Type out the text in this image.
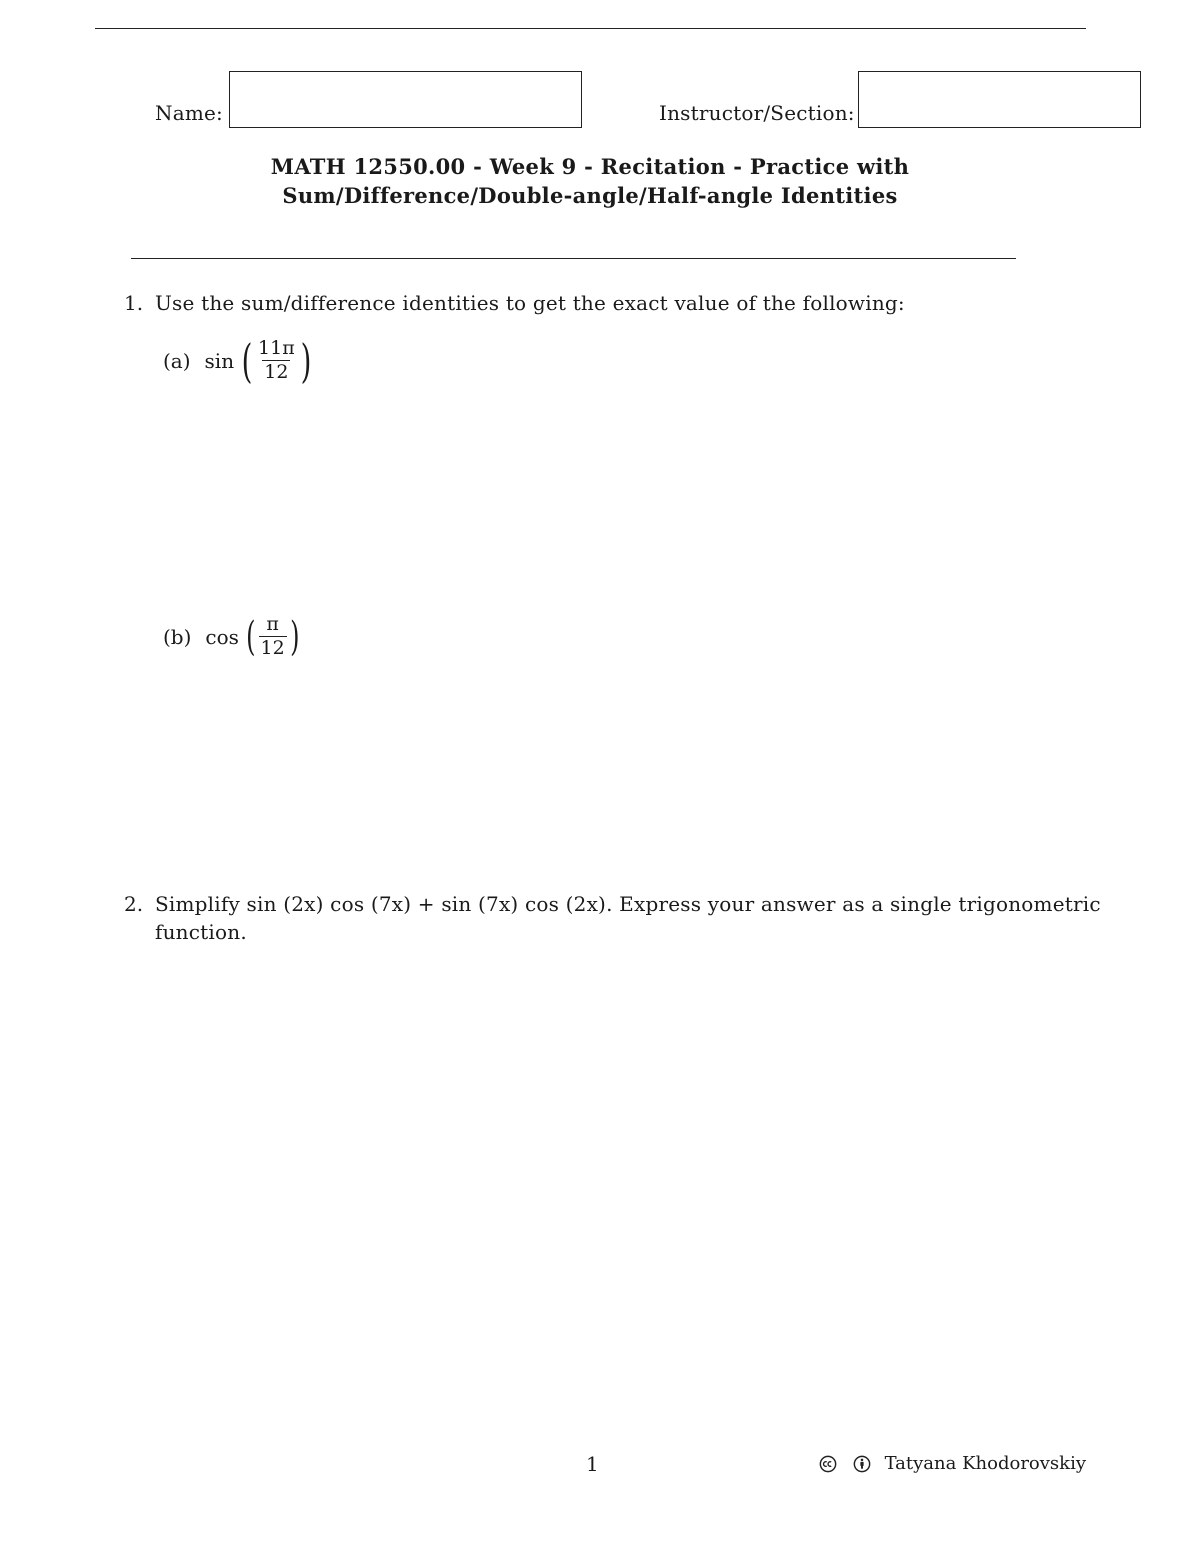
Name:	Instructor/Section:
MATH 12550.00 - Week 9 - Recitation - Practice with
Sum/Difference/Double-angle/Half-angle Identities
1. Use the sum/difference identities to get the exact value of the following:
(a) sin ( $\frac{11\pi}{12}$ )
(b) cos ( $\frac{\pi}{12}$ )
2. Simplify sin (2x) cos (7x) + sin (7x) cos (2x). Express your answer as a single trigonometric
function.
1	Tatyana Khodorovskiy
